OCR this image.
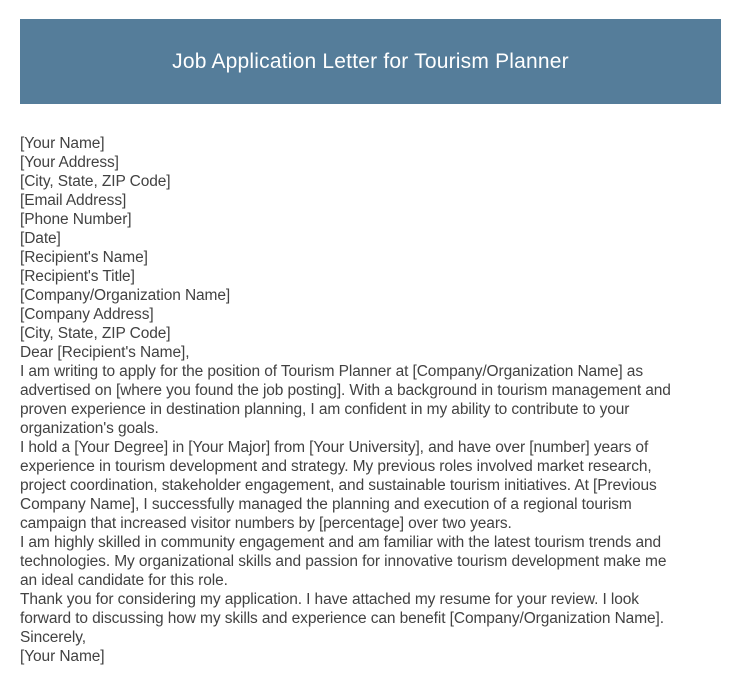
Job Application Letter for Tourism Planner
[Your Name]
[Your Address]
[City, State, ZIP Code]
[Email Address]
[Phone Number]
[Date]
[Recipient's Name]
[Recipient's Title]
[Company/Organization Name]
[Company Address]
[City, State, ZIP Code]
Dear [Recipient's Name],
I am writing to apply for the position of Tourism Planner at [Company/Organization Name] as
advertised on [where you found the job posting]. With a background in tourism management and
proven experience in destination planning, I am confident in my ability to contribute to your
organization's goals.
I hold a [Your Degree] in [Your Major] from [Your University], and have over [number] years of
experience in tourism development and strategy. My previous roles involved market research,
project coordination, stakeholder engagement, and sustainable tourism initiatives. At [Previous
Company Name], I successfully managed the planning and execution of a regional tourism
campaign that increased visitor numbers by [percentage] over two years.
I am highly skilled in community engagement and am familiar with the latest tourism trends and
technologies. My organizational skills and passion for innovative tourism development make me
an ideal candidate for this role.
Thank you for considering my application. I have attached my resume for your review. I look
forward to discussing how my skills and experience can benefit [Company/Organization Name].
Sincerely,
[Your Name]
